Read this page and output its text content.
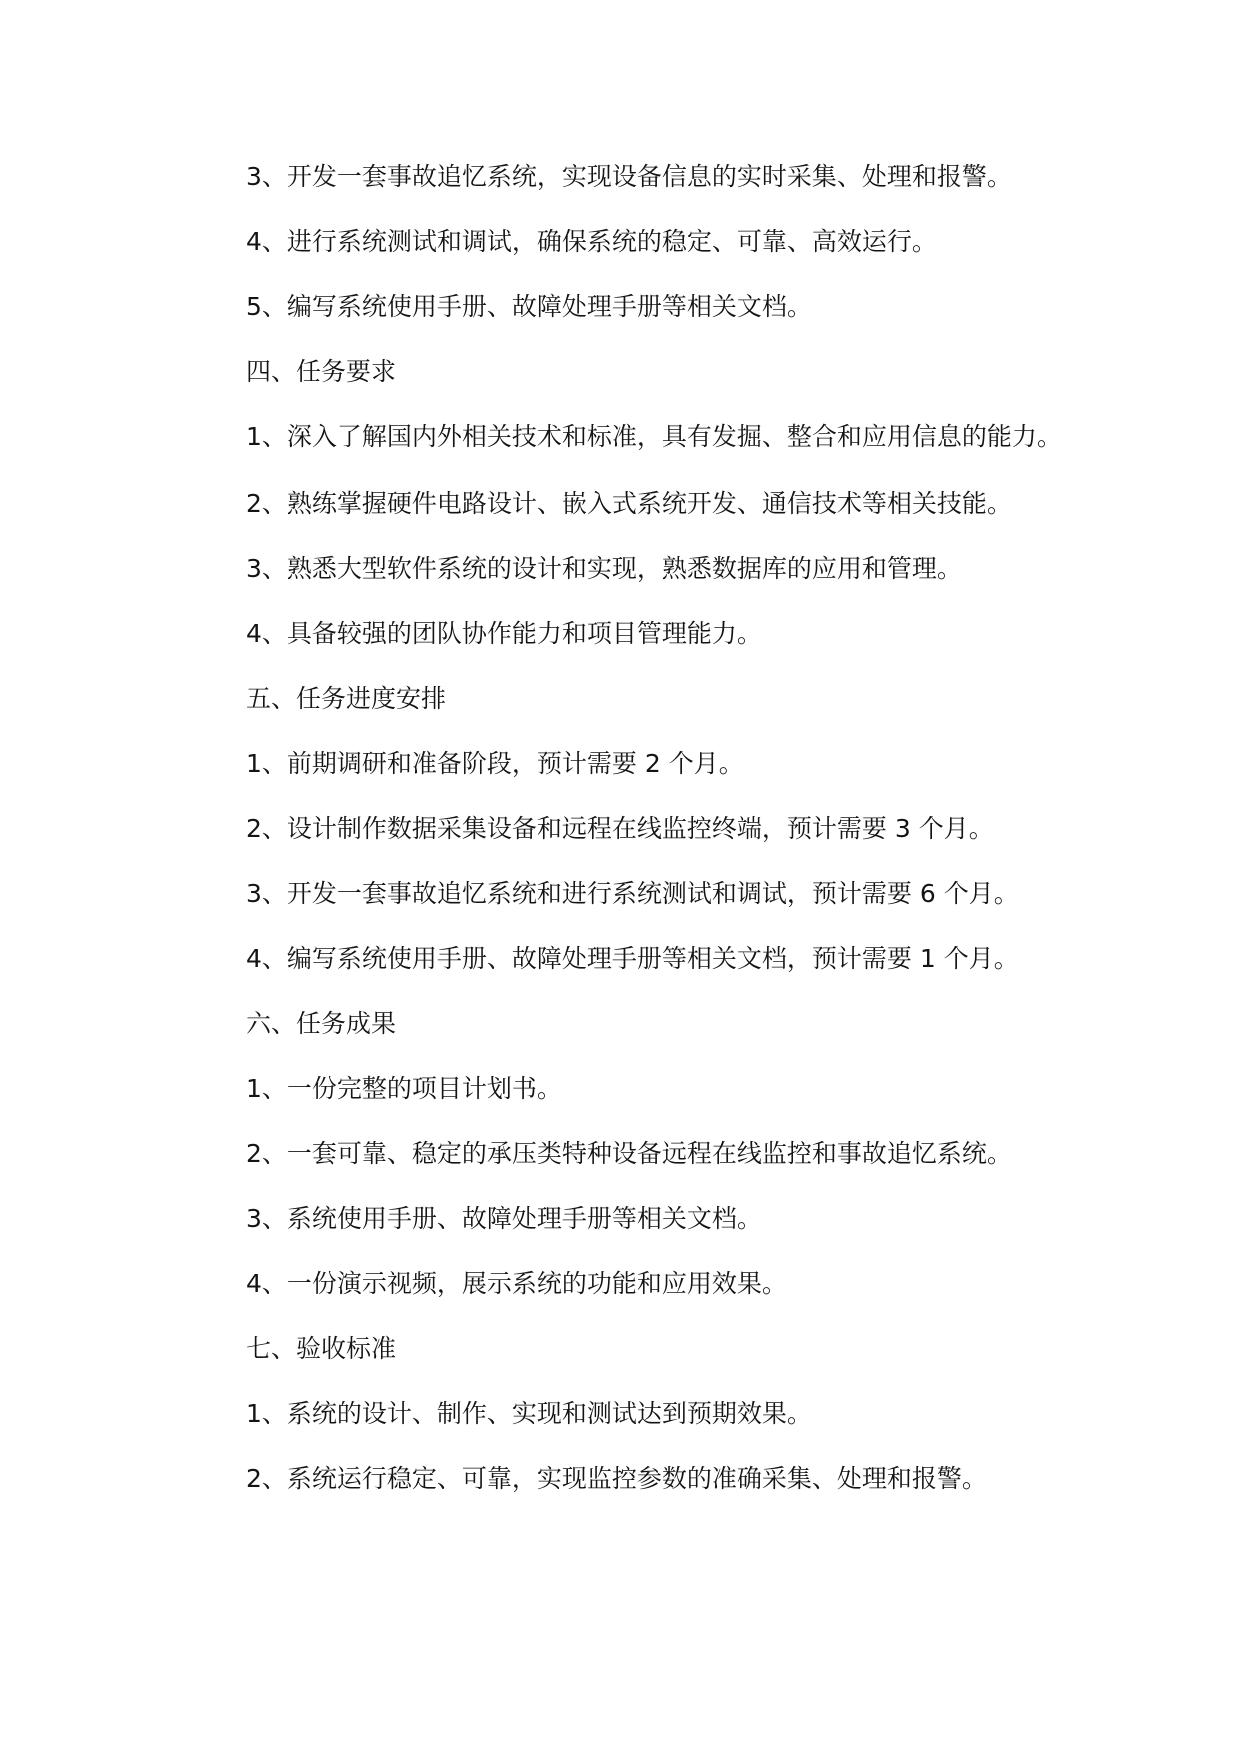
3、开发一套事故追忆系统，实现设备信息的实时采集、处理和报警。

4、进行系统测试和调试，确保系统的稳定、可靠、高效运行。

5、编写系统使用手册、故障处理手册等相关文档。

四、任务要求

1、深入了解国内外相关技术和标准，具有发掘、整合和应用信息的能力。

2、熟练掌握硬件电路设计、嵌入式系统开发、通信技术等相关技能。

3、熟悉大型软件系统的设计和实现，熟悉数据库的应用和管理。

4、具备较强的团队协作能力和项目管理能力。

五、任务进度安排

1、前期调研和准备阶段，预计需要 2 个月。

2、设计制作数据采集设备和远程在线监控终端，预计需要 3 个月。

3、开发一套事故追忆系统和进行系统测试和调试，预计需要 6 个月。

4、编写系统使用手册、故障处理手册等相关文档，预计需要 1 个月。

六、任务成果

1、一份完整的项目计划书。

2、一套可靠、稳定的承压类特种设备远程在线监控和事故追忆系统。

3、系统使用手册、故障处理手册等相关文档。

4、一份演示视频，展示系统的功能和应用效果。

七、验收标准

1、系统的设计、制作、实现和测试达到预期效果。

2、系统运行稳定、可靠，实现监控参数的准确采集、处理和报警。
